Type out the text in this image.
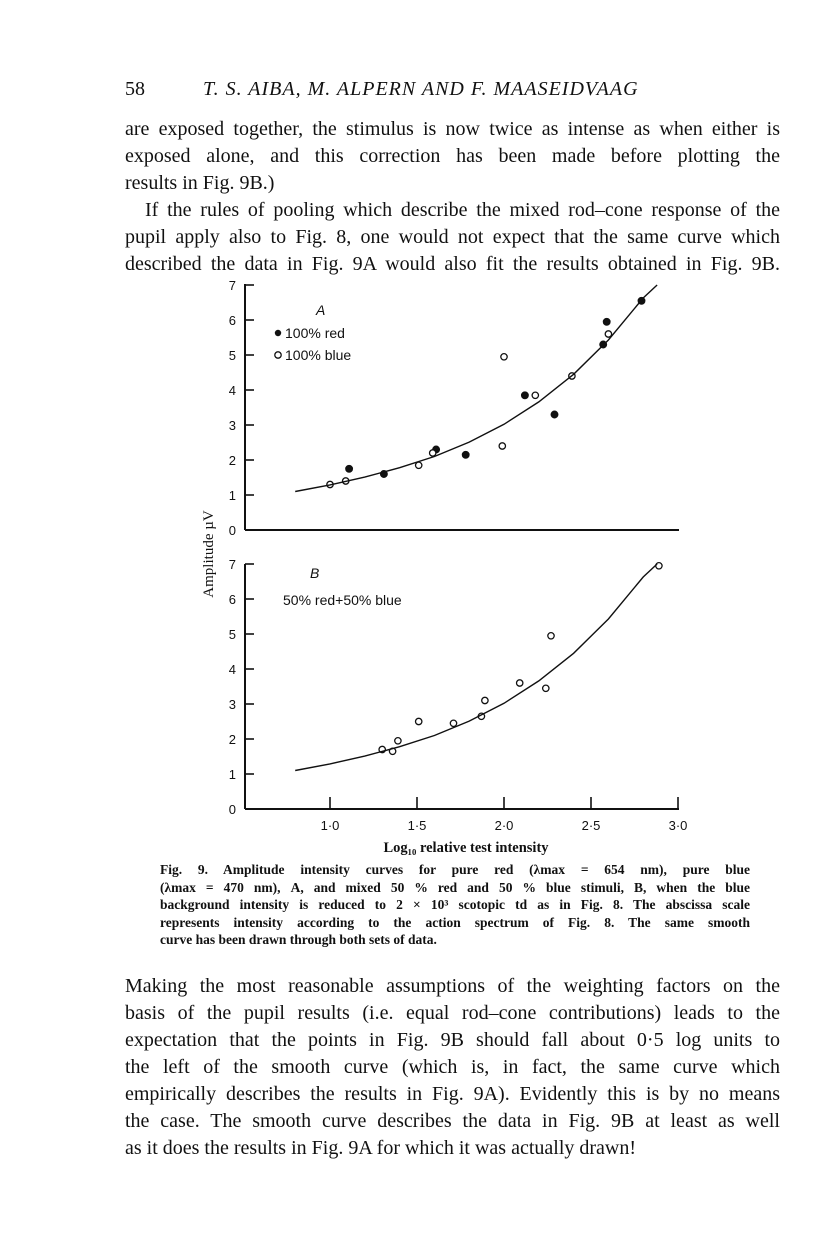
58	T. S. AIBA, M. ALPERN AND F. MAASEIDVAAG

are exposed together, the stimulus is now twice as intense as when either is
exposed alone, and this correction has been made before plotting the
results in Fig. 9B.)

If the rules of pooling which describe the mixed rod–cone response of the
pupil apply also to Fig. 8, one would not expect that the same curve which
described the data in Fig. 9A would also fit the results obtained in Fig. 9B.

0
1
2
3
4
5
6
7
0
1
2
3
4
5
6
7
1·0	1·5	2·0	2·5	3·0
A
100% red
100% blue
B
50% red+50% blue
Amplitude µV
Log₁₀ relative test intensity

Fig. 9. Amplitude intensity curves for pure red (λmax = 654 nm), pure blue
(λmax = 470 nm), A, and mixed 50 % red and 50 % blue stimuli, B, when the blue
background intensity is reduced to 2 × 10³ scotopic td as in Fig. 8. The abscissa scale
represents intensity according to the action spectrum of Fig. 8. The same smooth
curve has been drawn through both sets of data.

Making the most reasonable assumptions of the weighting factors on the
basis of the pupil results (i.e. equal rod–cone contributions) leads to the
expectation that the points in Fig. 9B should fall about 0·5 log units to
the left of the smooth curve (which is, in fact, the same curve which
empirically describes the results in Fig. 9A). Evidently this is by no means
the case. The smooth curve describes the data in Fig. 9B at least as well
as it does the results in Fig. 9A for which it was actually drawn!
